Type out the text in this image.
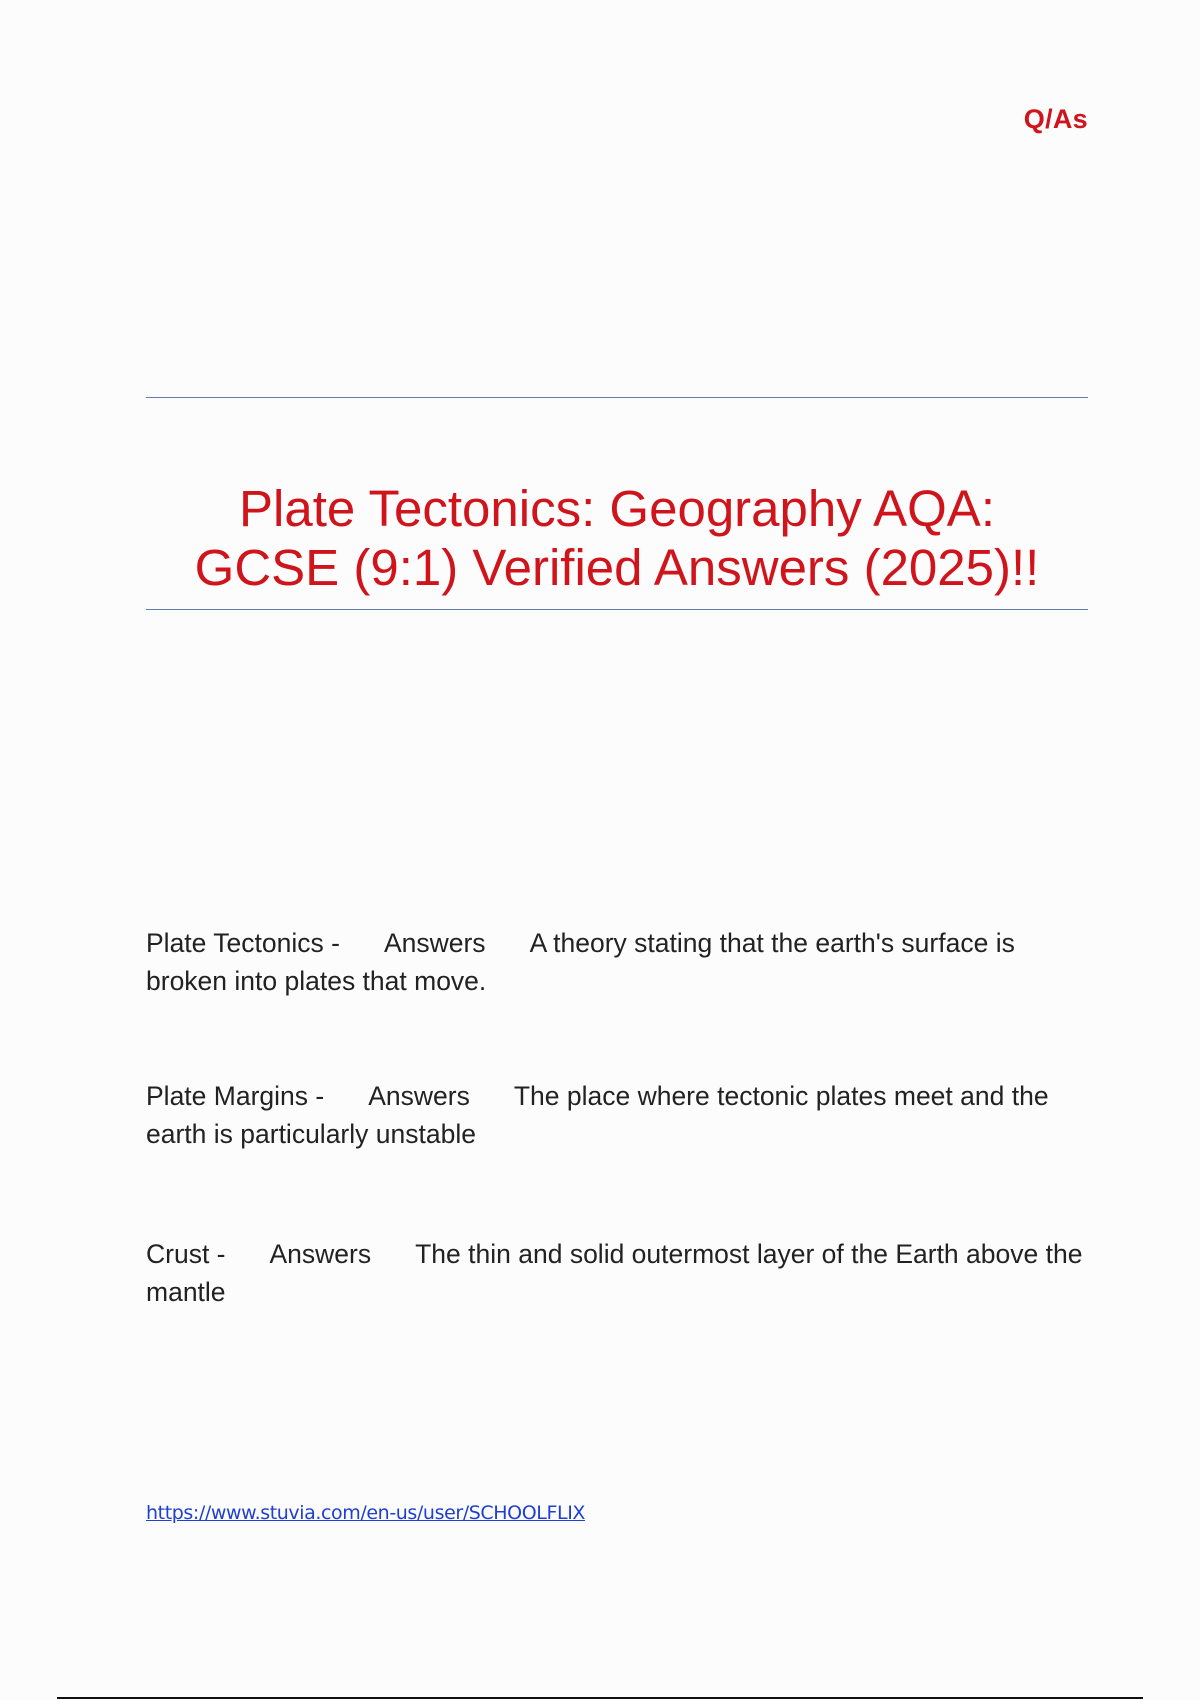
Q/As
Plate Tectonics: Geography AQA:
GCSE (9:1) Verified Answers (2025)!!

Plate Tectonics - Answers A theory stating that the earth's surface is broken into plates that move.

Plate Margins - Answers The place where tectonic plates meet and the earth is particularly unstable

Crust - Answers The thin and solid outermost layer of the Earth above the mantle

https://www.stuvia.com/en-us/user/SCHOOLFLIX
